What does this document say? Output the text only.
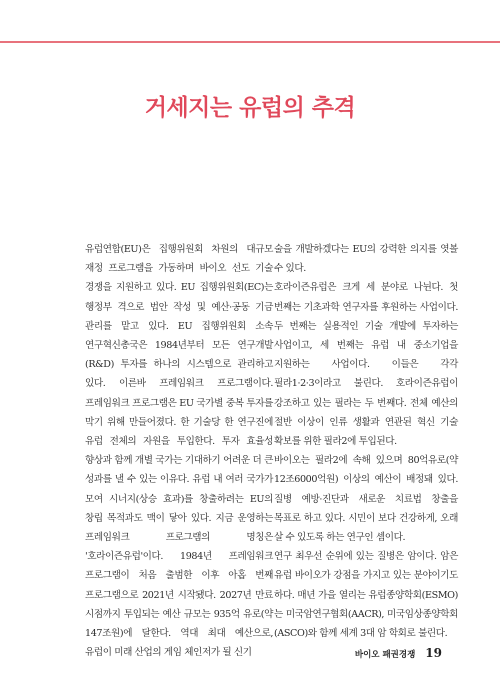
거세지는 유럽의 추격

유럽연합(EU)은 집행위원회 차원의 대규모 재정 프로그램을 가동하며 바이오 선도 기술 경쟁을 지원하고 있다. EU 집행위원회(EC)는 행정부 격으로 법안 작성 및 예산·공동 기금 관리를 맡고 있다. EU 집행위원회 소속 연구혁신총국은 1984년부터 모든 연구개발(R&D) 투자를 하나의 시스템으로 관리하고 있다. 이른바 프레임워크 프로그램이다. 프레임워크 프로그램은 EU 국가별 중복 투자를 막기 위해 만들어졌다. 한 기술당 한 연구진에 유럽 전체의 자원을 투입한다. 투자 효율성 향상과 함께 개별 국가는 기대하기 어려운 더 큰 성과를 낼 수 있는 이유다. 유럽 내 여러 국가가 모여 시너지(상승 효과)를 창출하려는 EU의 창립 목적과도 맥이 닿아 있다. 지금 운영하는 프레임워크 프로그램의 명칭은 '호라이즌유럽'이다. 1984년 프레임워크 프로그램이 처음 출범한 이후 아홉 번째 프로그램으로 2021년 시작됐다. 2027년 만료 시점까지 투입되는 예산 규모는 935억 유로(약 147조원)에 달한다. 역대 최대 예산으로, 유럽이 미래 산업의 게임 체인저가 될 신기

술을 개발하겠다는 EU의 강력한 의지를 엿볼 수 있다.

호라이즌유럽은 크게 세 분야로 나뉜다. 첫 번째는 기초과학 연구자를 후원하는 사업이다. 두 번째는 실용적인 기술 개발에 투자하는 사업이고, 세 번째는 유럽 내 중소기업을 지원하는 사업이다. 이들은 각각 필라1·2·3이라고 불린다. 호라이즌유럽이 강조하고 있는 필라는 두 번째다. 전체 예산의 절반 이상이 인류 생활과 연관된 혁신 기술 확보를 위한 필라2에 투입된다.

바이오는 필라2에 속해 있으며 80억유로(약 12조6000억원) 이상의 예산이 배정돼 있다. 질병 예방·진단과 새로운 치료법 창출을 목표로 하고 있다. 시민이 보다 건강하게, 오래 살 수 있도록 하는 연구인 셈이다.

연구 최우선 순위에 있는 질병은 암이다. 암은 유럽 바이오가 강점을 가지고 있는 분야이기도 하다. 매년 가을 열리는 유럽종양학회(ESMO)는 미국암연구협회(AACR), 미국임상종양학회(ASCO)와 함께 세계 3대 암 학회로 불린다.

바이오 패권경쟁 19
